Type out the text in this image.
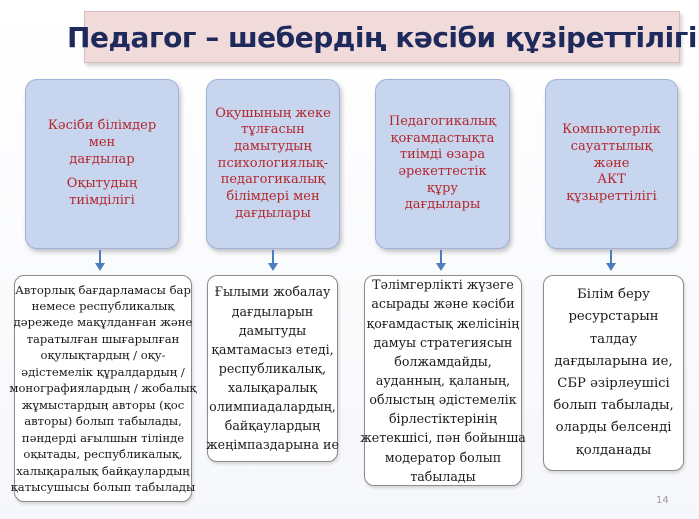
Педагог – шебердің кәсіби құзіреттілігі
Кәсіби білімдер мен
дағдылар
Оқытудың тиімділігі
Оқушының жеке
тұлғасын
дамытудың
психологиялық-
педагогикалық
білімдері мен
дағдылары
Педагогикалық
қоғамдастықта
тиімді өзара
әрекеттестік құру
дағдылары
Компьютерлік
сауаттылық
және
АКТ
құзыреттілігі
Авторлық бағдарламасы бар
немесе республикалық
дәрежеде мақұлданған және
таратылған шығарылған
оқулықтардың / оқу-
әдістемелік құралдардың /
монографиялардың / жобалық
жұмыстардың авторы (қос
авторы) болып табылады,
пәндерді ағылшын тілінде
оқытады, республикалық,
халықаралық байқаулардың
қатысушысы болып табылады
Ғылыми жобалау
дағдыларын
дамытуды
қамтамасыз етеді,
республикалық,
халықаралық
олимпиадалардың,
байқаулардың
жеңімпаздарына ие
Тәлімгерлікті жүзеге
асырады және кәсіби
қоғамдастық желісінің
дамуы стратегиясын
болжамдайды,
ауданның, қаланың,
облыстың әдістемелік
бірлестіктерінің
жетекшісі, пән бойынша
модератор болып
табылады
Білім беру
ресурстарын
талдау
дағдыларына ие,
СБР әзірлеушісі
болып табылады,
оларды белсенді
қолданады
14
